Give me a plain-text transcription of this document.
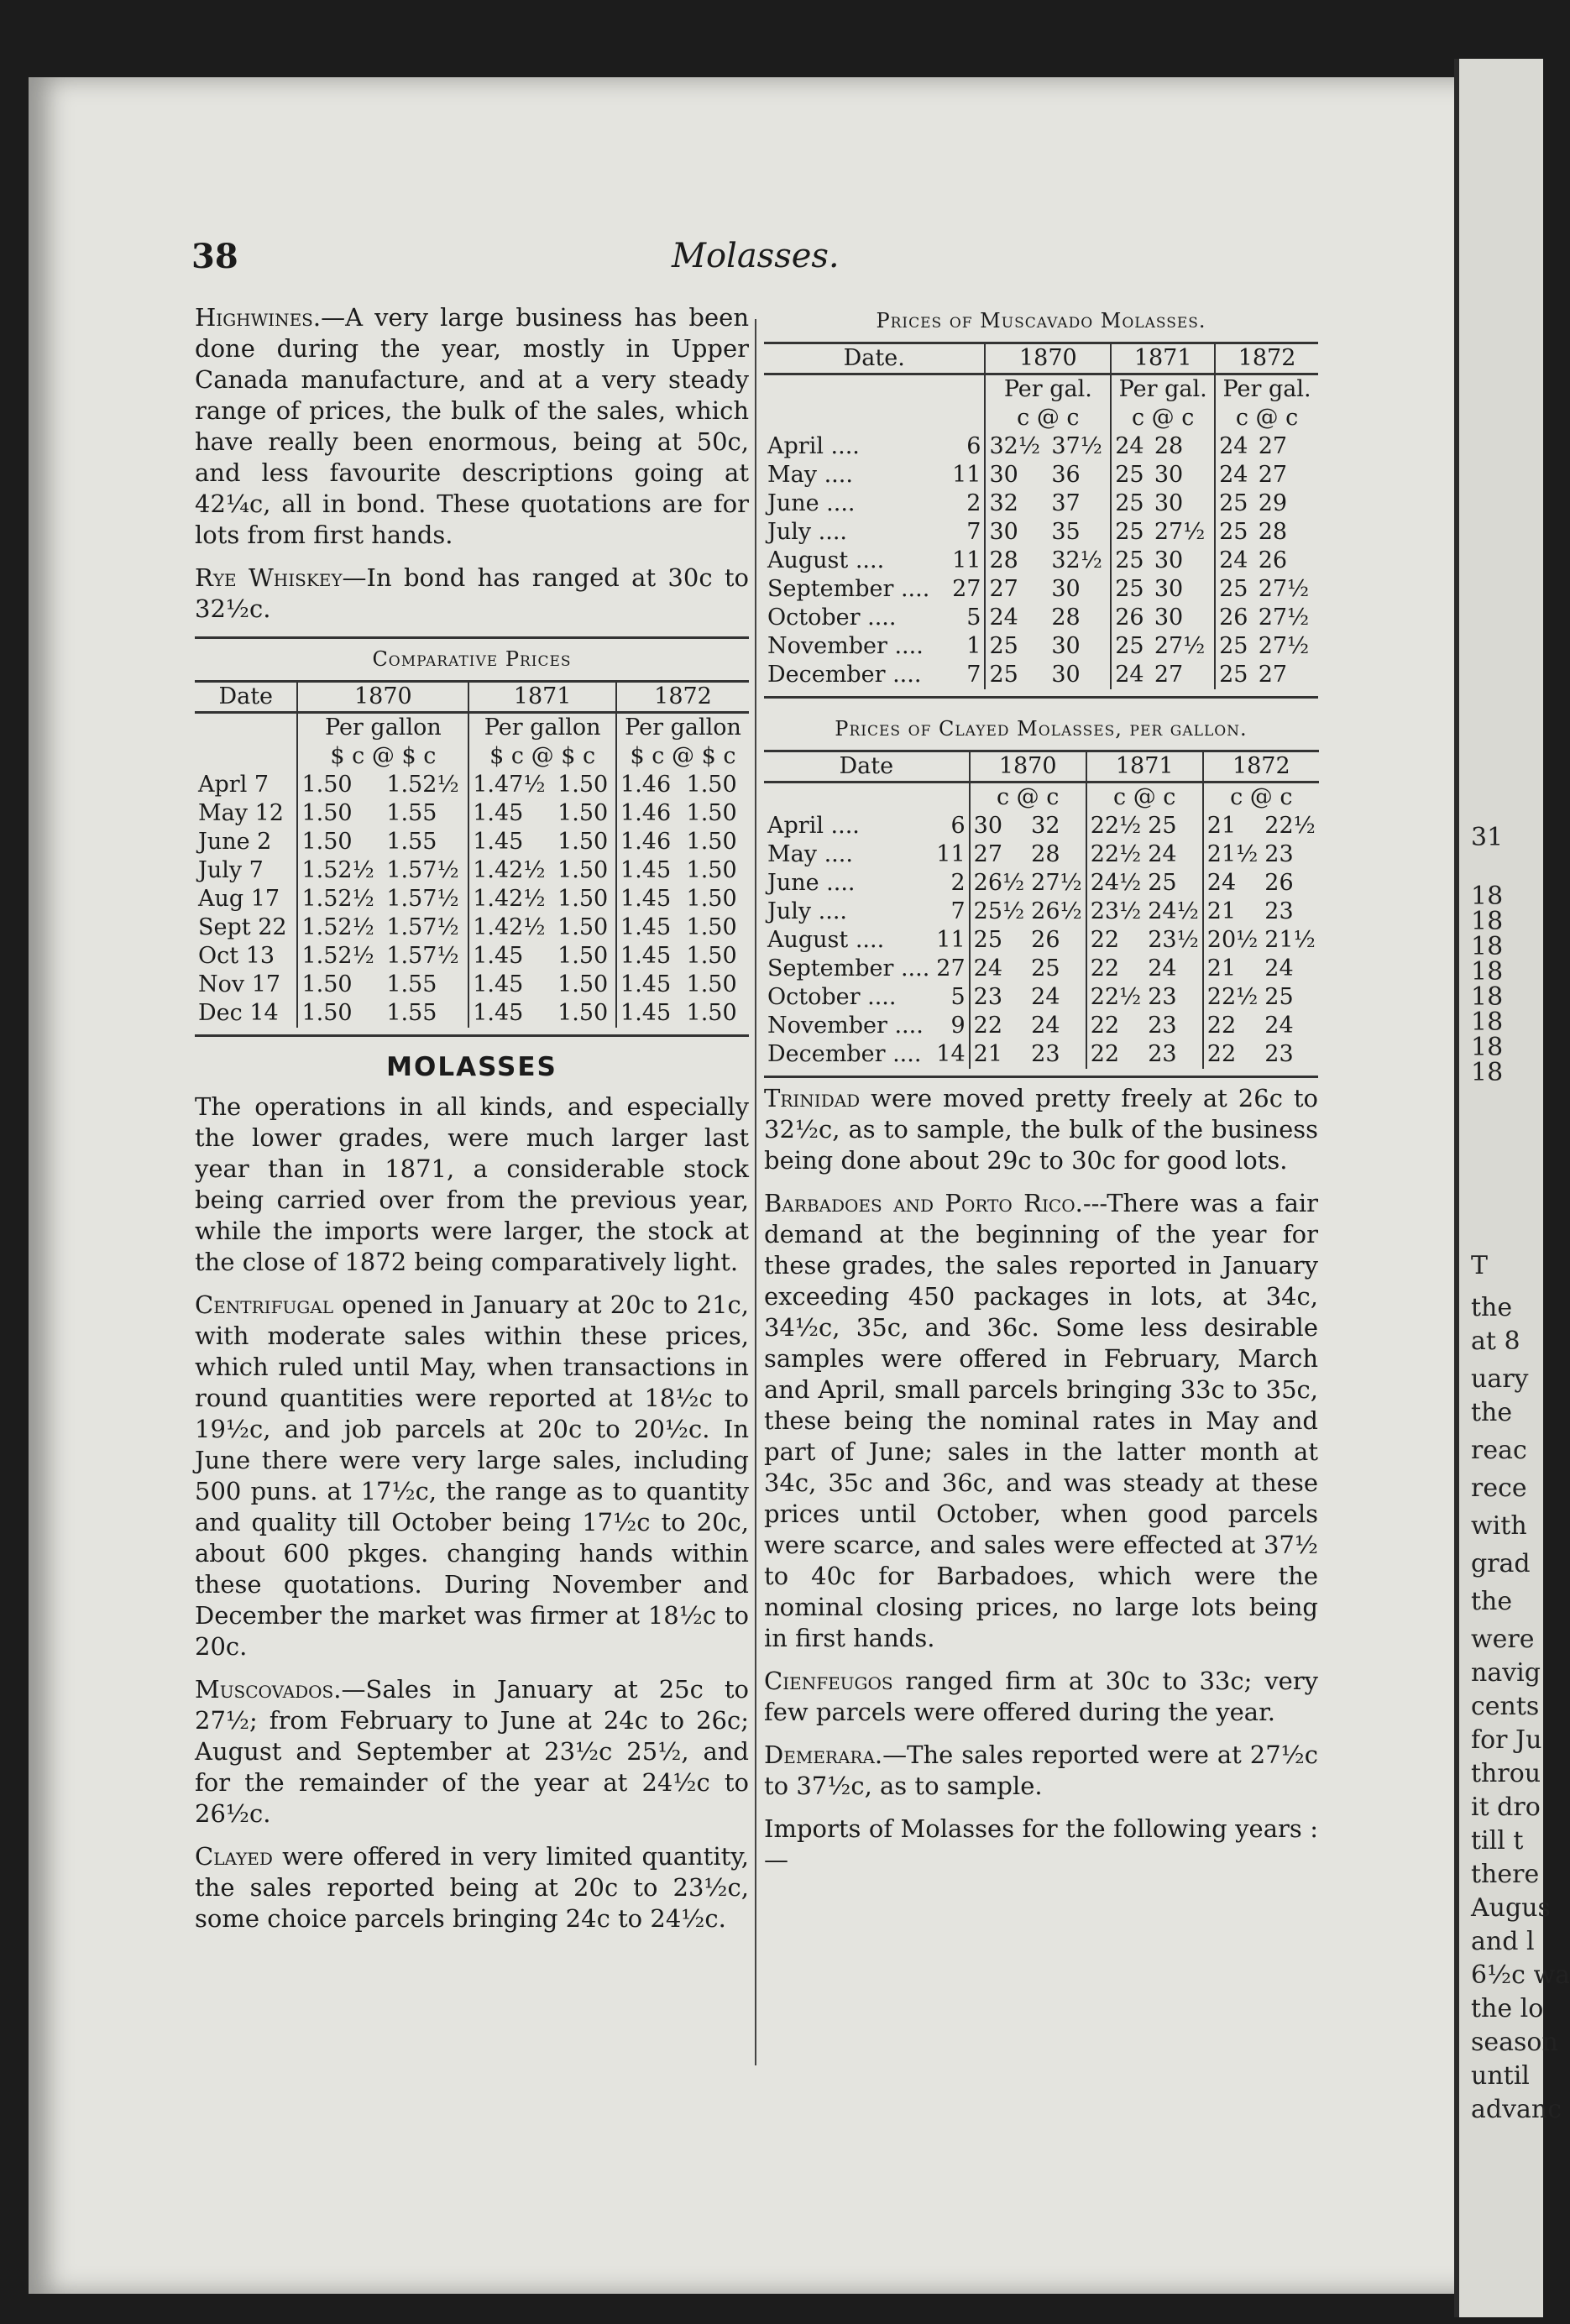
31
18
18
18
18
18
18
18
18
T
the
at 8
uary
the
reac
rece
with
grad
the
were
navig
cents
for Ju
throu
it dro
till t
there
Augus
and l
6½c wa
the lo
season
until
advanc
38	Molasses.

Highwines.—A very large business has been done during the year, mostly in Upper Canada manufacture, and at a very steady range of prices, the bulk of the sales, which have really been enormous, being at 50c, and less favourite descriptions going at 42¼c, all in bond. These quotations are for lots from first hands.

Rye Whiskey—In bond has ranged at 30c to 32½c.

Comparative Prices
Date	1870		1871		1872	
	Per gallon		Per gallon		Per gallon	
	$ c @ $ c		$ c @ $ c		$ c @ $ c	
Aprl 7	1.50	1.52½	1.47½	1.50	1.46	1.50
May 12	1.50	1.55	1.45	1.50	1.46	1.50
June 2	1.50	1.55	1.45	1.50	1.46	1.50
July 7	1.52½	1.57½	1.42½	1.50	1.45	1.50
Aug 17	1.52½	1.57½	1.42½	1.50	1.45	1.50
Sept 22	1.52½	1.57½	1.42½	1.50	1.45	1.50
Oct 13	1.52½	1.57½	1.45	1.50	1.45	1.50
Nov 17	1.50	1.55	1.45	1.50	1.45	1.50
Dec 14	1.50	1.55	1.45	1.50	1.45	1.50
MOLASSES

The operations in all kinds, and especially the lower grades, were much larger last year than in 1871, a considerable stock being carried over from the previous year, while the imports were larger, the stock at the close of 1872 being comparatively light.

Centrifugal opened in January at 20c to 21c, with moderate sales within these prices, which ruled until May, when transactions in round quantities were reported at 18½c to 19½c, and job parcels at 20c to 20½c. In June there were very large sales, including 500 puns. at 17½c, the range as to quantity and quality till October being 17½c to 20c, about 600 pkges. changing hands within these quotations. During November and December the market was firmer at 18½c to 20c.

Muscovados.—Sales in January at 25c to 27½; from February to June at 24c to 26c; August and September at 23½c 25½, and for the remainder of the year at 24½c to 26½c.

Clayed were offered in very limited quantity, the sales reported being at 20c to 23½c, some choice parcels bringing 24c to 24½c.

Prices of Muscavado Molasses.
Date.		1870		1871		1872	
		Per gal.		Per gal.		Per gal.	
		c @ c		c @ c		c @ c	
April ....	6	32½	37½	24	28	24	27
May ....	11	30	36	25	30	24	27
June ....	2	32	37	25	30	25	29
July ....	7	30	35	25	27½	25	28
August ....	11	28	32½	25	30	24	26
September ....	27	27	30	25	30	25	27½
October ....	5	24	28	26	30	26	27½
November ....	1	25	30	25	27½	25	27½
December ....	7	25	30	24	27	25	27
Prices of Clayed Molasses, per gallon.
Date		1870		1871		1872	
		c @ c		c @ c		c @ c	
April ....	6	30	32	22½	25	21	22½
May ....	11	27	28	22½	24	21½	23
June ....	2	26½	27½	24½	25	24	26
July ....	7	25½	26½	23½	24½	21	23
August ....	11	25	26	22	23½	20½	21½
September ....	27	24	25	22	24	21	24
October ....	5	23	24	22½	23	22½	25
November ....	9	22	24	22	23	22	24
December ....	14	21	23	22	23	22	23

Trinidad were moved pretty freely at 26c to 32½c, as to sample, the bulk of the business being done about 29c to 30c for good lots.

Barbadoes and Porto Rico.---There was a fair demand at the beginning of the year for these grades, the sales reported in January exceeding 450 packages in lots, at 34c, 34½c, 35c, and 36c. Some less desirable samples were offered in February, March and April, small parcels bringing 33c to 35c, these being the nominal rates in May and part of June; sales in the latter month at 34c, 35c and 36c, and was steady at these prices until October, when good parcels were scarce, and sales were effected at 37½ to 40c for Barbadoes, which were the nominal closing prices, no large lots being in first hands.

Cienfeugos ranged firm at 30c to 33c; very few parcels were offered during the year.

Demerara.—The sales reported were at 27½c to 37½c, as to sample.

Imports of Molasses for the following years :—
